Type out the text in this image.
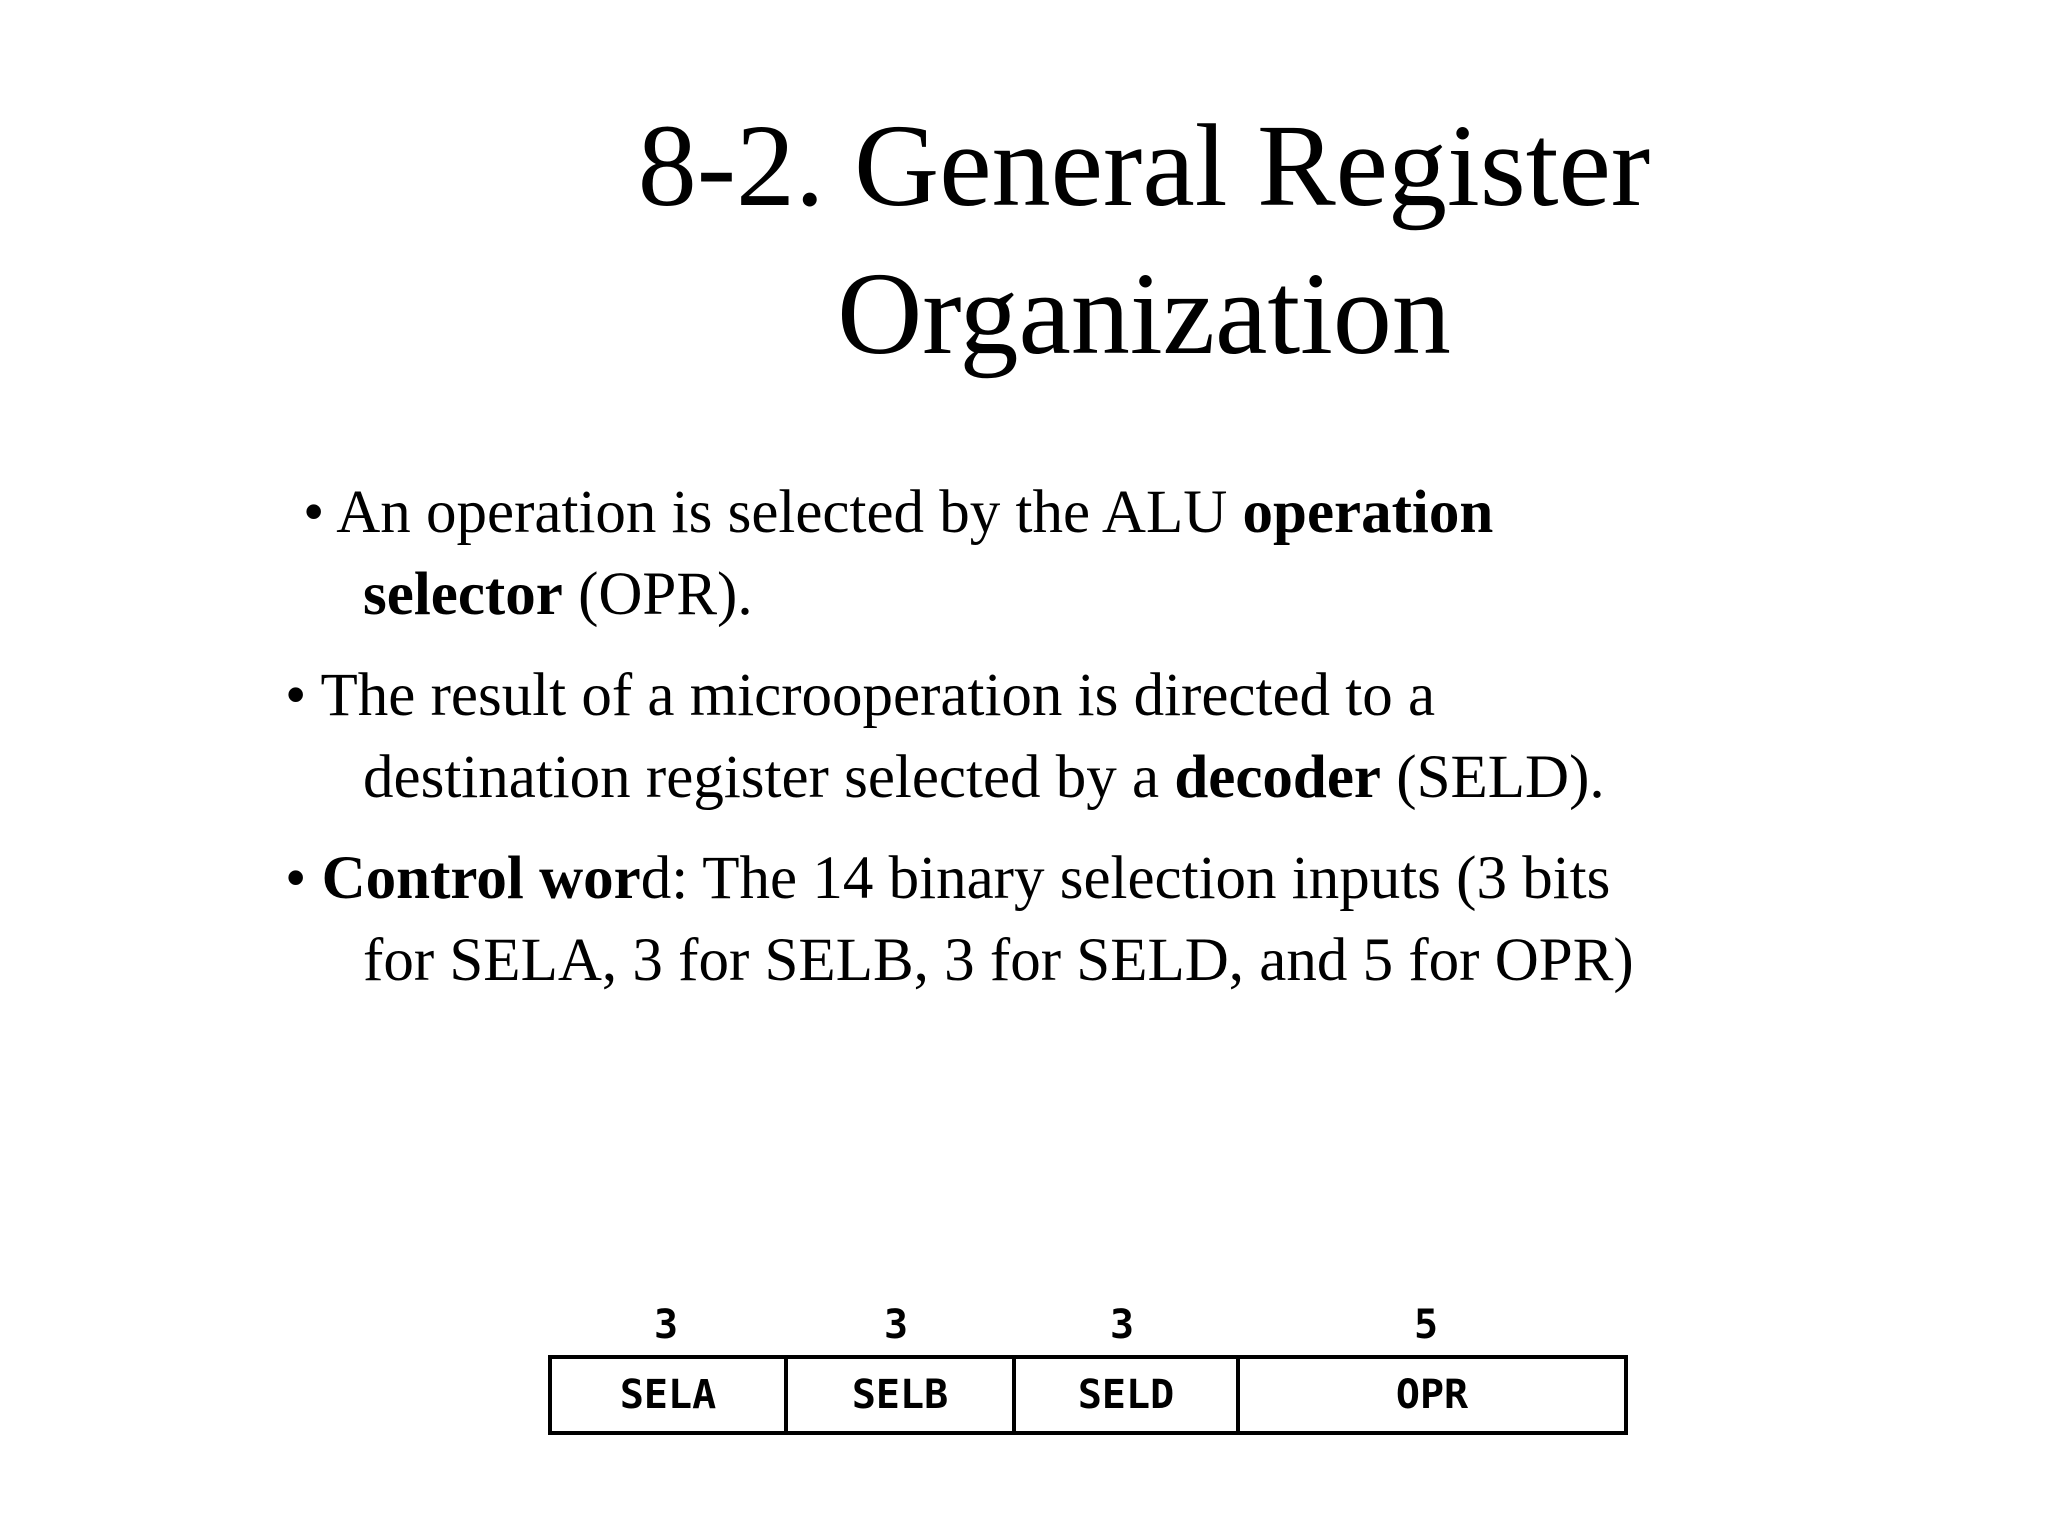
8-2. General Register
Organization

• An operation is selected by the ALU operation
selector (OPR).

• The result of a microoperation is directed to a
destination register selected by a decoder (SELD).

• Control word: The 14 binary selection inputs (3 bits
for SELA, 3 for SELB, 3 for SELD, and 5 for OPR)

3	3	3	5
SELA	SELB	SELD	OPR
